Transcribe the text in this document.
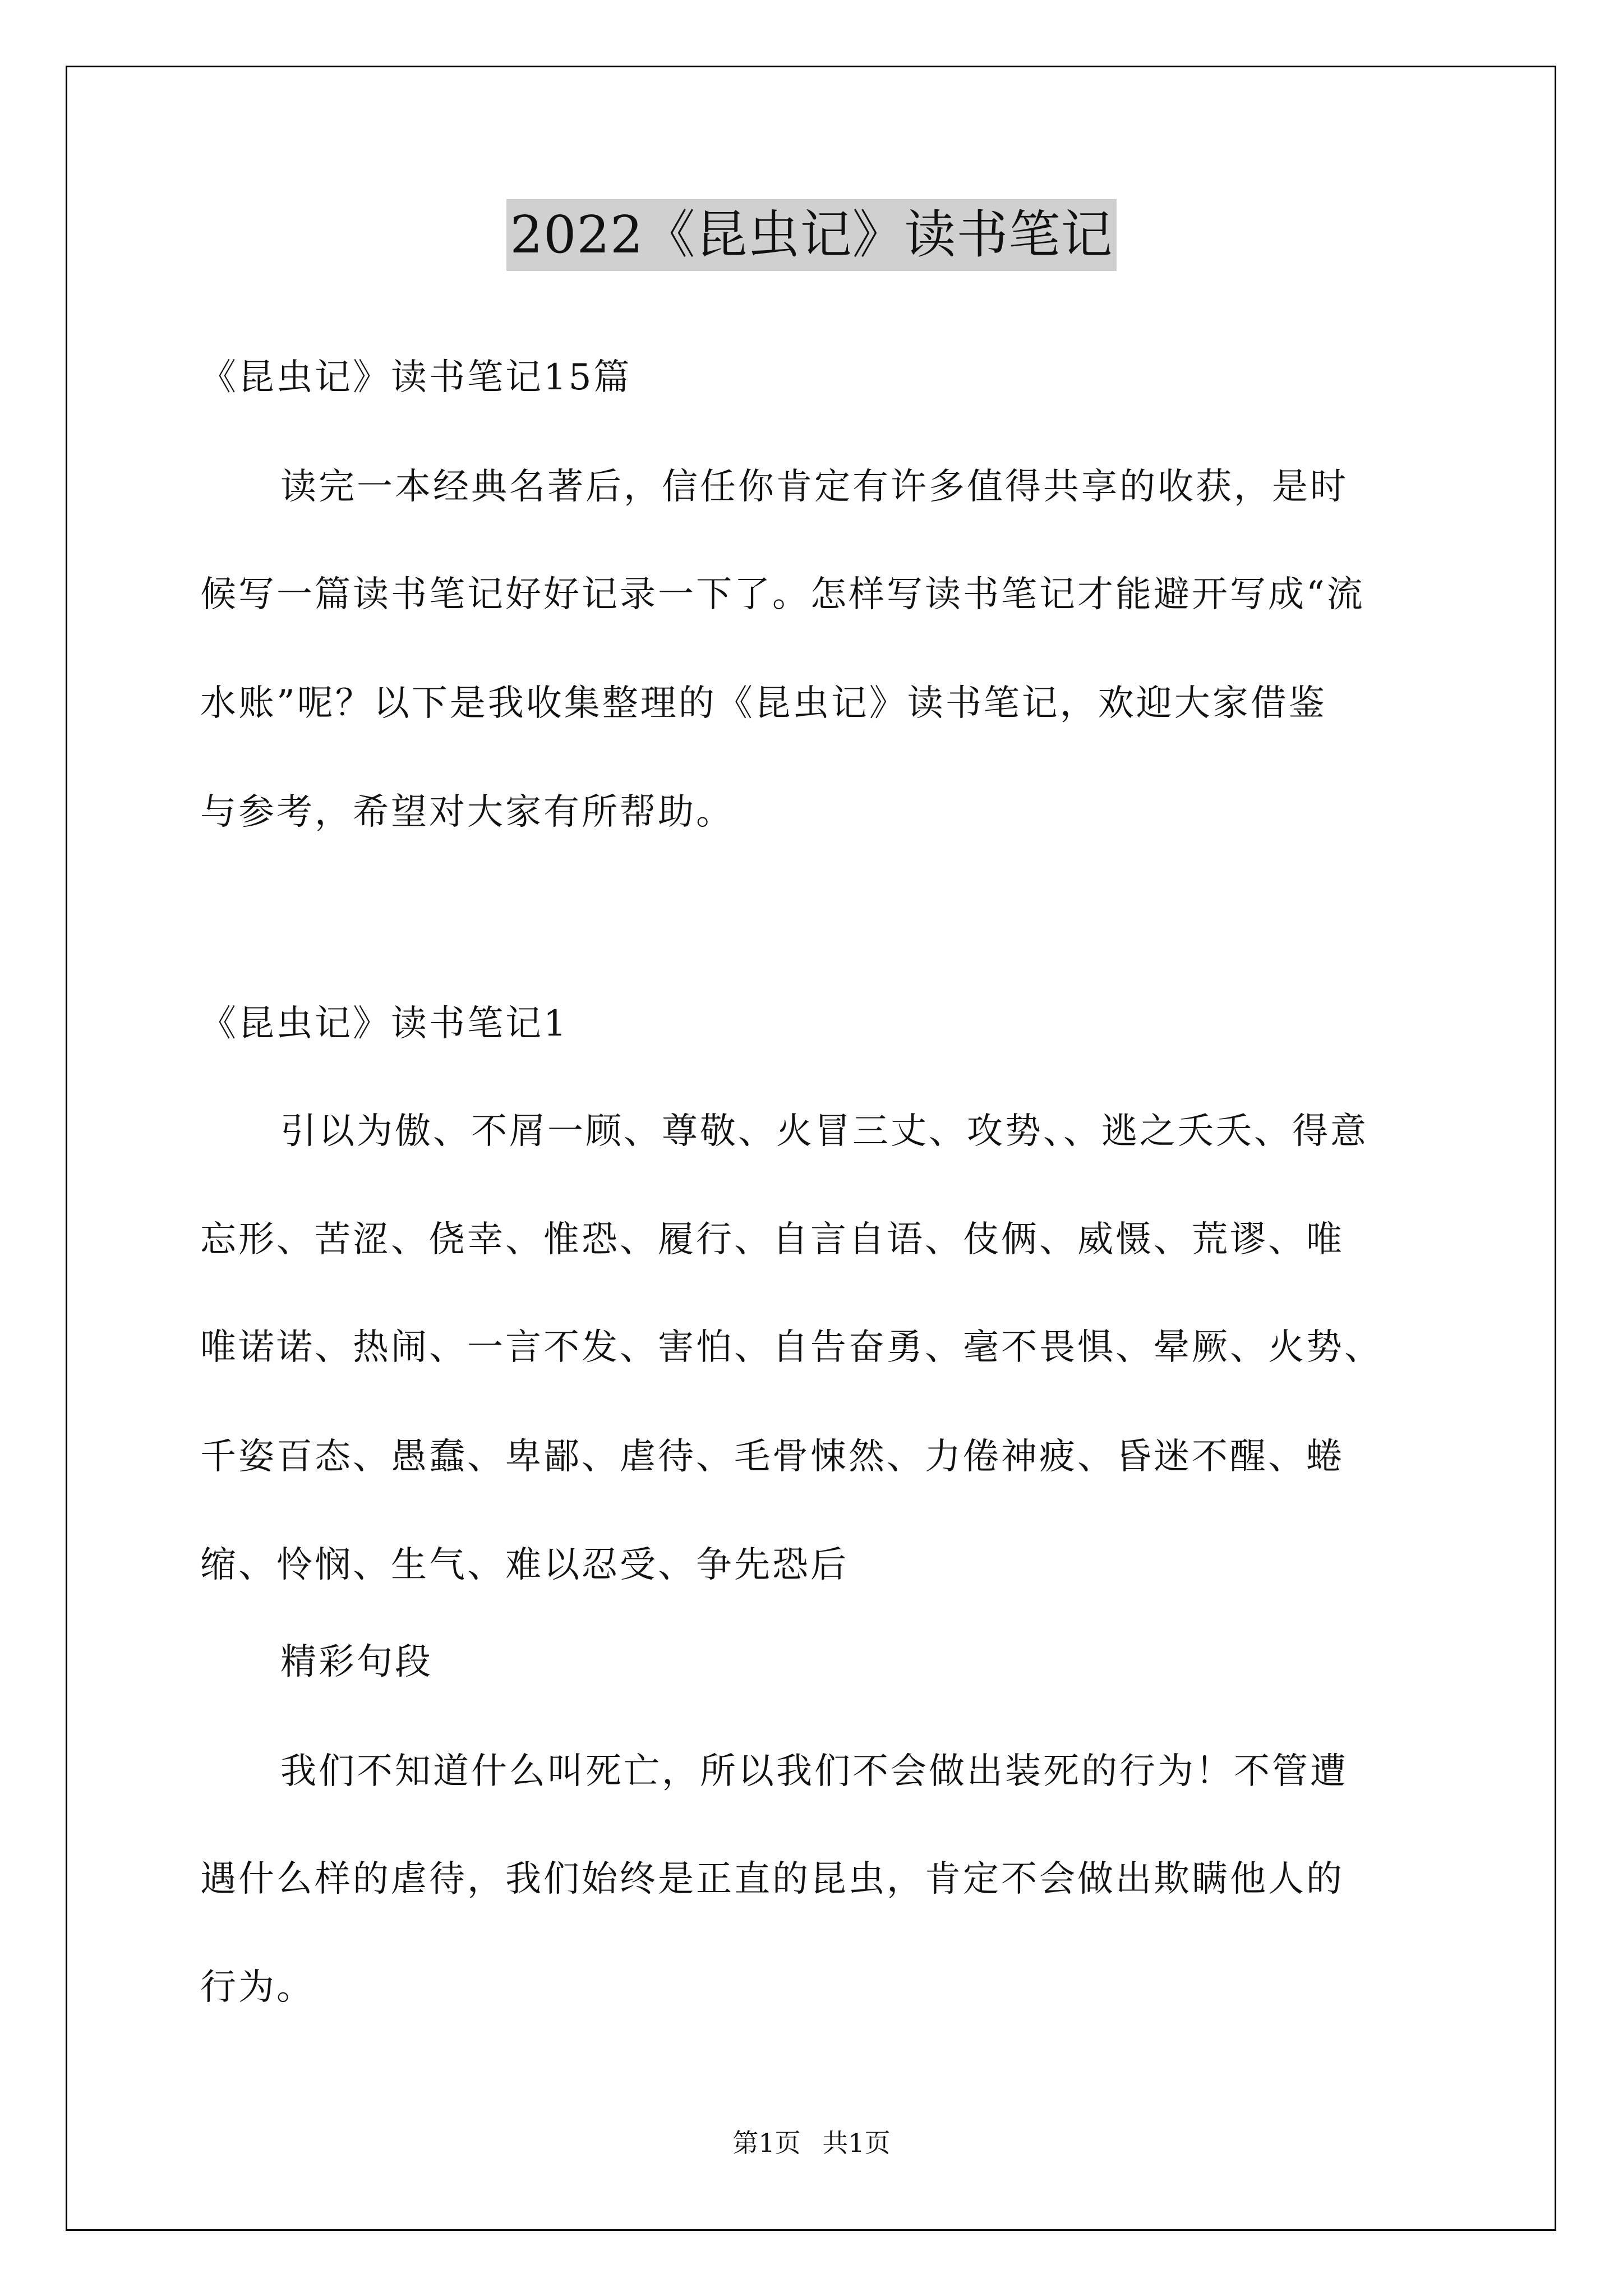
2022《昆虫记》读书笔记
《昆虫记》读书笔记15篇
读完一本经典名著后，信任你肯定有许多值得共享的收获，是时
候写一篇读书笔记好好记录一下了。怎样写读书笔记才能避开写成“流
水账”呢？以下是我收集整理的《昆虫记》读书笔记，欢迎大家借鉴
与参考，希望对大家有所帮助。
《昆虫记》读书笔记1
引以为傲、不屑一顾、尊敬、火冒三丈、攻势、、逃之夭夭、得意
忘形、苦涩、侥幸、惟恐、履行、自言自语、伎俩、威慑、荒谬、唯
唯诺诺、热闹、一言不发、害怕、自告奋勇、毫不畏惧、晕厥、火势、
千姿百态、愚蠢、卑鄙、虐待、毛骨悚然、力倦神疲、昏迷不醒、蜷
缩、怜悯、生气、难以忍受、争先恐后
精彩句段
我们不知道什么叫死亡，所以我们不会做出装死的行为！不管遭
遇什么样的虐待，我们始终是正直的昆虫，肯定不会做出欺瞒他人的
行为。
第1页 共1页
